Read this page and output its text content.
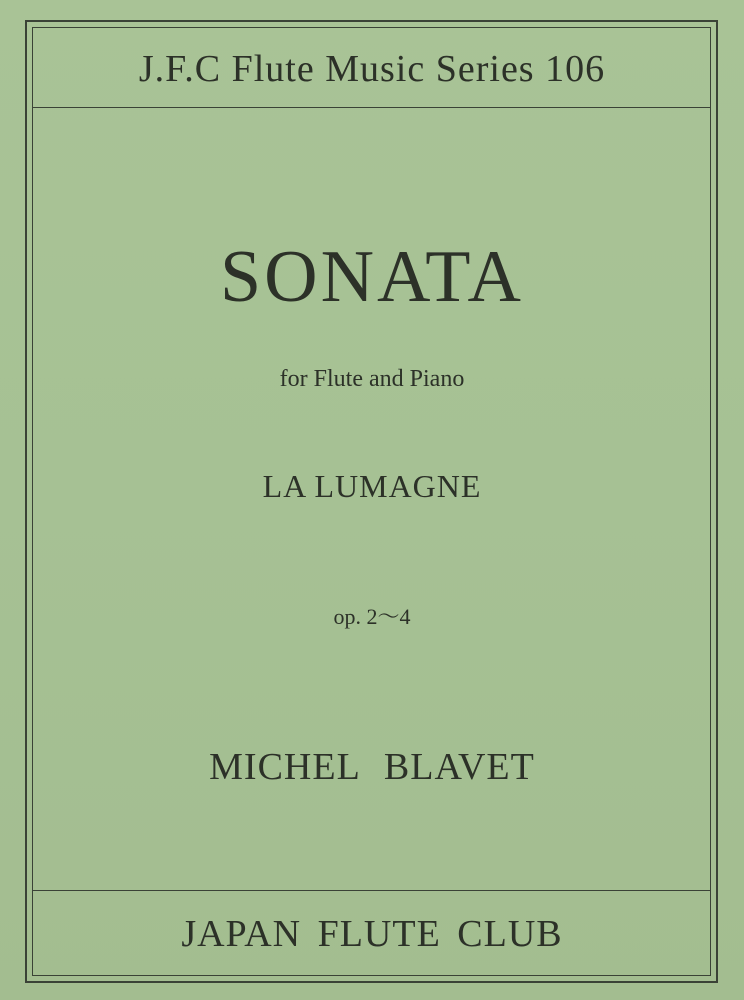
J.F.C Flute Music Series 106
SONATA
for Flute and Piano
LA LUMAGNE
op. 2〜4
MICHEL BLAVET
JAPAN FLUTE CLUB
